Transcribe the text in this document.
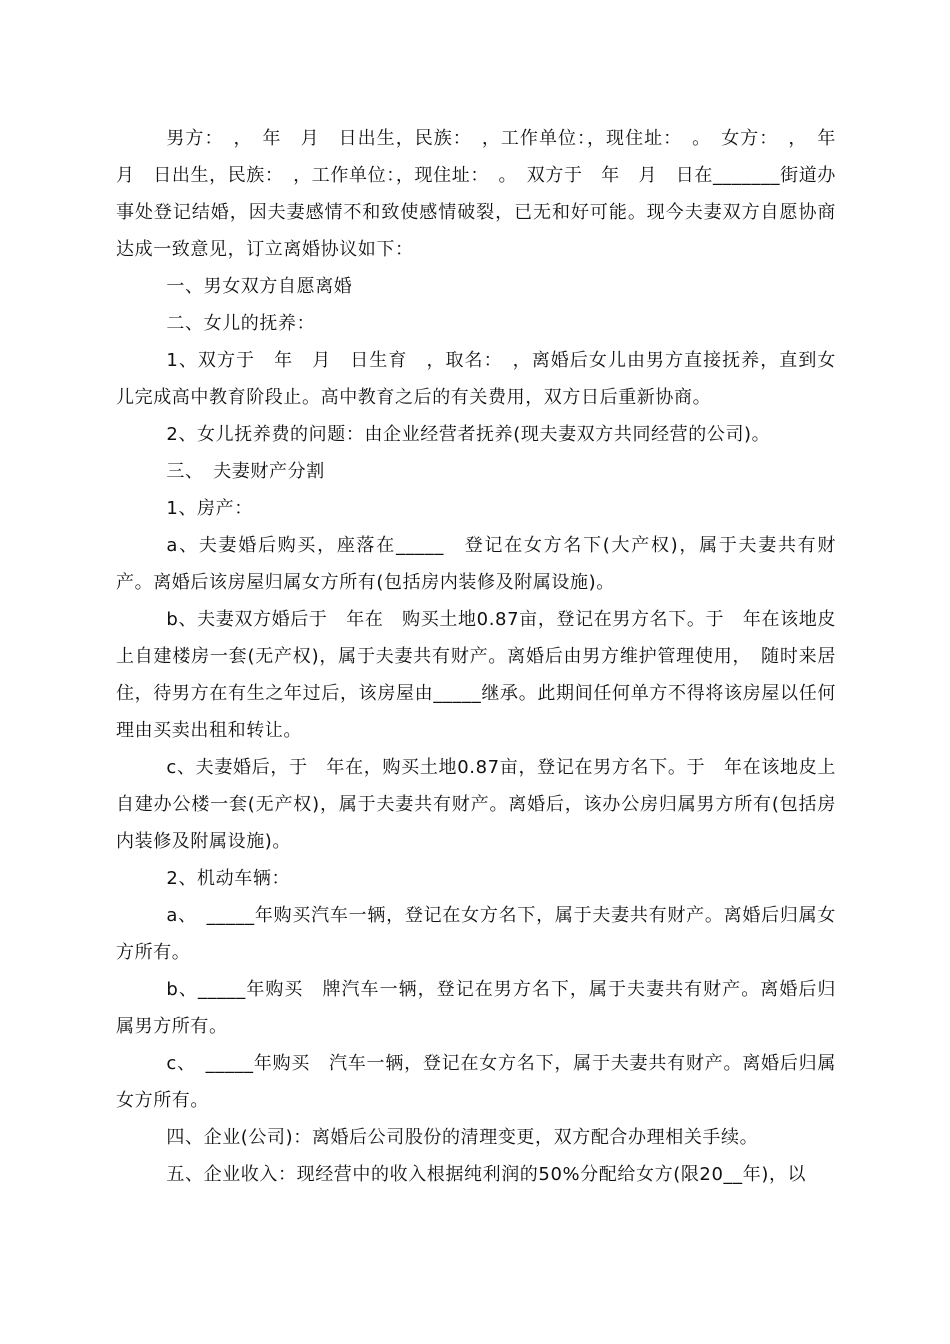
男方：　，　年　月　日出生，民族：　，工作单位：，现住址：　。　女方：　，　年　月　日出生，民族：　，工作单位：，现住址：　。　双方于　年　月　日在_______街道办事处登记结婚，因夫妻感情不和致使感情破裂，已无和好可能。现今夫妻双方自愿协商达成一致意见，订立离婚协议如下：

一、男女双方自愿离婚

二、女儿的抚养：

1、双方于　年　月　日生育　，取名：　，离婚后女儿由男方直接抚养，直到女儿完成高中教育阶段止。高中教育之后的有关费用，双方日后重新协商。

2、女儿抚养费的问题：由企业经营者抚养(现夫妻双方共同经营的公司)。

三、　夫妻财产分割

1、房产：

a、夫妻婚后购买，座落在_____　登记在女方名下(大产权)，属于夫妻共有财产。离婚后该房屋归属女方所有(包括房内装修及附属设施)。

b、夫妻双方婚后于　年在　购买土地0.87亩，登记在男方名下。于　年在该地皮上自建楼房一套(无产权)，属于夫妻共有财产。离婚后由男方维护管理使用，　随时来居住，待男方在有生之年过后，该房屋由_____继承。此期间任何单方不得将该房屋以任何理由买卖出租和转让。

c、夫妻婚后，于　年在，购买土地0.87亩，登记在男方名下。于　年在该地皮上自建办公楼一套(无产权)，属于夫妻共有财产。离婚后，该办公房归属男方所有(包括房内装修及附属设施)。

2、机动车辆：

a、　_____年购买汽车一辆，登记在女方名下，属于夫妻共有财产。离婚后归属女方所有。

b、_____年购买　牌汽车一辆，登记在男方名下，属于夫妻共有财产。离婚后归属男方所有。

c、　_____年购买　汽车一辆，登记在女方名下，属于夫妻共有财产。离婚后归属女方所有。

四、企业(公司)：离婚后公司股份的清理变更，双方配合办理相关手续。

五、企业收入：现经营中的收入根据纯利润的50%分配给女方(限20__年)，以
